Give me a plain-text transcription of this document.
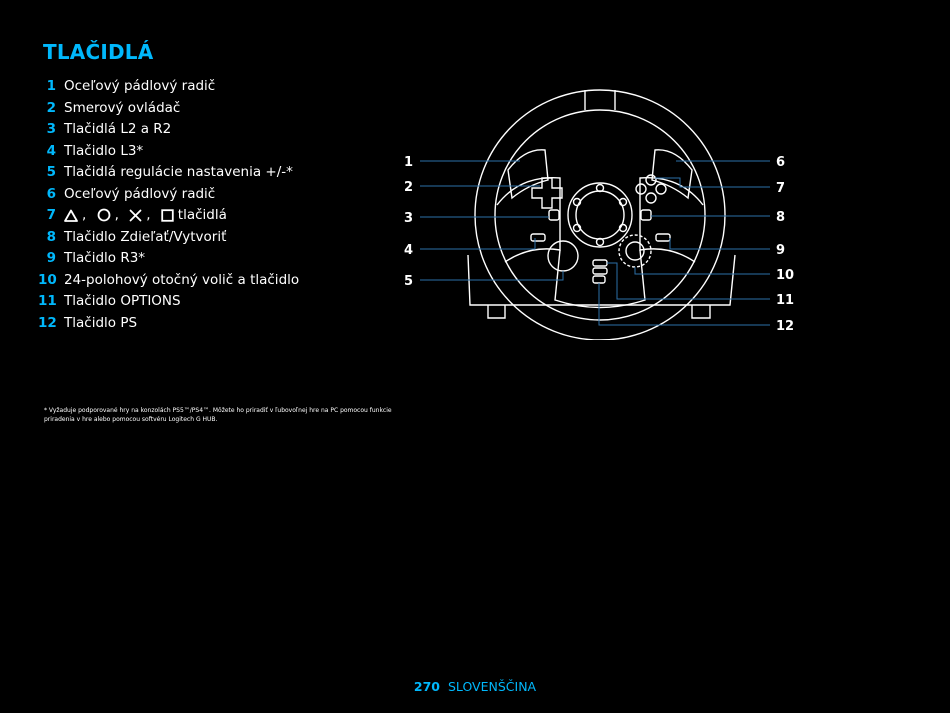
TLAČIDLÁ
1 Oceľový pádlový radič
2 Smerový ovládač
3 Tlačidlá L2 a R2
4 Tlačidlo L3*
5 Tlačidlá regulácie nastavenia +/-*
6 Oceľový pádlový radič
7	, , ,	tlačidlá
8 Tlačidlo Zdieľať/Vytvoriť
9 Tlačidlo R3*
10 24-polohový otočný volič a tlačidlo
11 Tlačidlo OPTIONS
12 Tlačidlo PS

* Vyžaduje podporované hry na konzolách PS5™/PS4™. Môžete ho priradiť v ľubovoľnej hre na PC pomocou funkcie priradenia v hre alebo pomocou softvéru Logitech G HUB.

1
2
3
4
5
6
7
8
9
10
11
12
270 SLOVENŠČINA
